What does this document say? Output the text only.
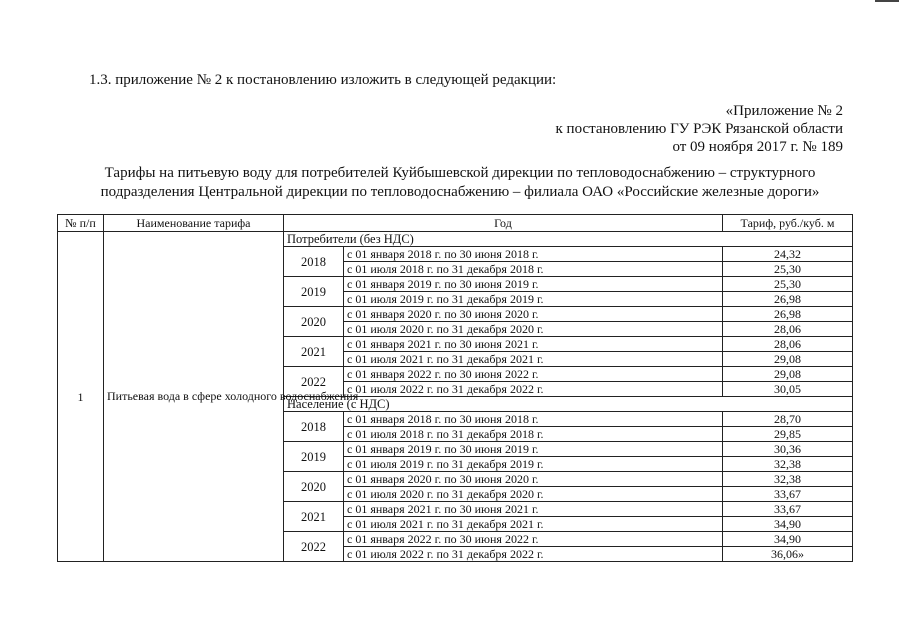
1.3. приложение № 2 к постановлению изложить в следующей редакции:
«Приложение № 2
к постановлению ГУ РЭК Рязанской области
от 09 ноября 2017 г. № 189
Тарифы на питьевую воду для потребителей Куйбышевской дирекции по тепловодоснабжению – структурного
подразделения Центральной дирекции по тепловодоснабжению – филиала ОАО «Российские железные дороги»
№ п/п	Наименование тарифа	Год		Тариф, руб./куб. м
1	Питьевая вода в сфере холодного водоснабжения	Потребители (без НДС)		
		2018	с 01 января 2018 г. по 30 июня 2018 г.	24,32
			с 01 июля 2018 г. по 31 декабря 2018 г.	25,30
		2019	с 01 января 2019 г. по 30 июня 2019 г.	25,30
			с 01 июля 2019 г. по 31 декабря 2019 г.	26,98
		2020	с 01 января 2020 г. по 30 июня 2020 г.	26,98
			с 01 июля 2020 г. по 31 декабря 2020 г.	28,06
		2021	с 01 января 2021 г. по 30 июня 2021 г.	28,06
			с 01 июля 2021 г. по 31 декабря 2021 г.	29,08
		2022	с 01 января 2022 г. по 30 июня 2022 г.	29,08
			с 01 июля 2022 г. по 31 декабря 2022 г.	30,05
		Население (с НДС)		
		2018	с 01 января 2018 г. по 30 июня 2018 г.	28,70
			с 01 июля 2018 г. по 31 декабря 2018 г.	29,85
		2019	с 01 января 2019 г. по 30 июня 2019 г.	30,36
			с 01 июля 2019 г. по 31 декабря 2019 г.	32,38
		2020	с 01 января 2020 г. по 30 июня 2020 г.	32,38
			с 01 июля 2020 г. по 31 декабря 2020 г.	33,67
		2021	с 01 января 2021 г. по 30 июня 2021 г.	33,67
			с 01 июля 2021 г. по 31 декабря 2021 г.	34,90
		2022	с 01 января 2022 г. по 30 июня 2022 г.	34,90
			с 01 июля 2022 г. по 31 декабря 2022 г.	36,06»
